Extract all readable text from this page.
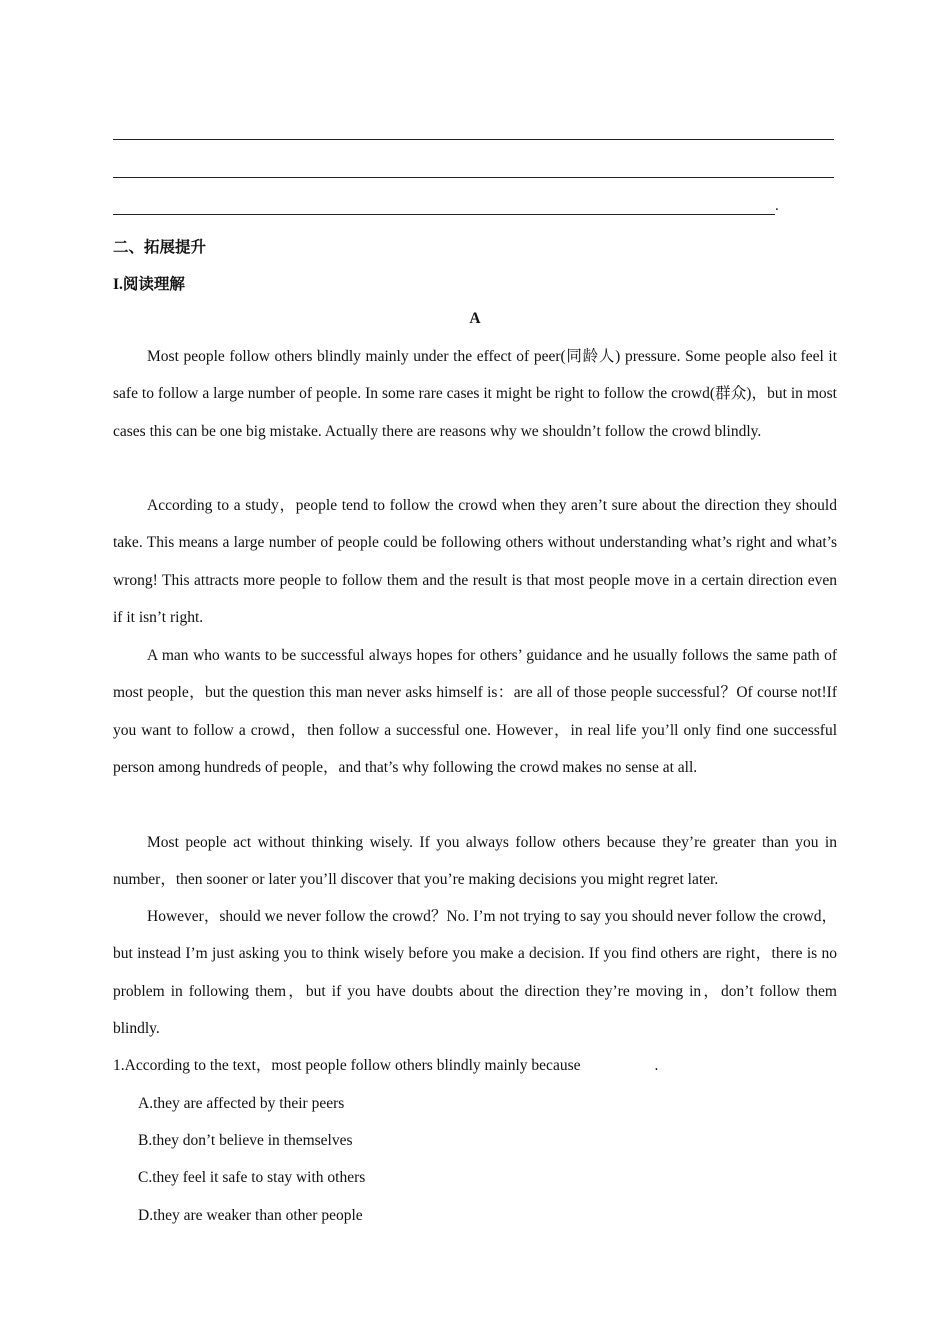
.
二、拓展提升
I.阅读理解
A

Most people follow others blindly mainly under the effect of peer(同龄人) pressure. Some people also feel it safe to follow a large number of people. In some rare cases it might be right to follow the crowd(群众)，but in most cases this can be one big mistake. Actually there are reasons why we shouldn’t follow the crowd blindly.

According to a study，people tend to follow the crowd when they aren’t sure about the direction they should take. This means a large number of people could be following others without understanding what’s right and what’s wrong! This attracts more people to follow them and the result is that most people move in a certain direction even if it isn’t right.

A man who wants to be successful always hopes for others’ guidance and he usually follows the same path of most people，but the question this man never asks himself is：are all of those people successful？Of course not!If you want to follow a crowd，then follow a successful one. However，in real life you’ll only find one successful person among hundreds of people，and that’s why following the crowd makes no sense at all.

Most people act without thinking wisely. If you always follow others because they’re greater than you in number，then sooner or later you’ll discover that you’re making decisions you might regret later.

However，should we never follow the crowd？No. I’m not trying to say you should never follow the crowd，but instead I’m just asking you to think wisely before you make a decision. If you find others are right，there is no problem in following them，but if you have doubts about the direction they’re moving in，don’t follow them blindly.

1.According to the text，most people follow others blindly mainly because	.
A.they are affected by their peers
B.they don’t believe in themselves
C.they feel it safe to stay with others
D.they are weaker than other people
